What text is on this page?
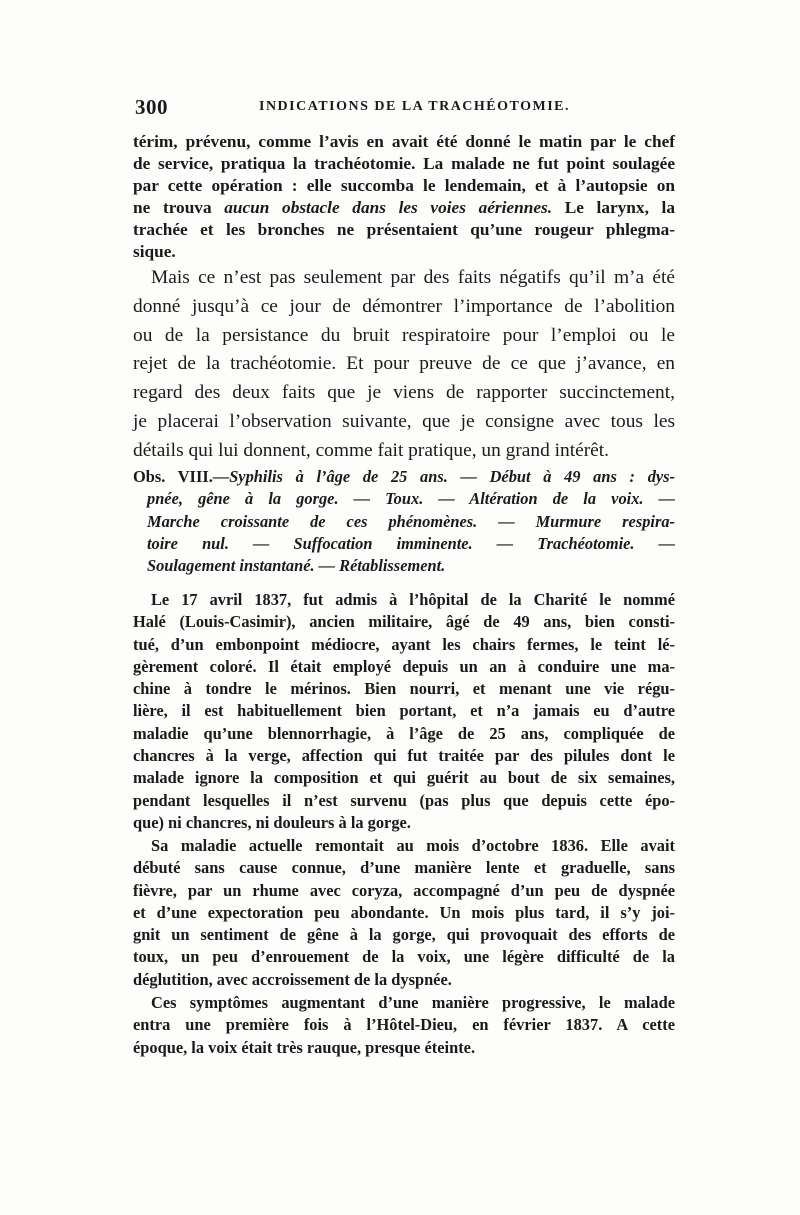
300	INDICATIONS DE LA TRACHÉOTOMIE.
térim, prévenu, comme l’avis en avait été donné le matin par le chef
de service, pratiqua la trachéotomie. La malade ne fut point soulagée
par cette opération : elle succomba le lendemain, et à l’autopsie on
ne trouva aucun obstacle dans les voies aériennes. Le larynx, la
trachée et les bronches ne présentaient qu’une rougeur phlegma-
sique.
Mais ce n’est pas seulement par des faits négatifs qu’il m’a été
donné jusqu’à ce jour de démontrer l’importance de l’abolition
ou de la persistance du bruit respiratoire pour l’emploi ou le
rejet de la trachéotomie. Et pour preuve de ce que j’avance, en
regard des deux faits que je viens de rapporter succinctement,
je placerai l’observation suivante, que je consigne avec tous les
détails qui lui donnent, comme fait pratique, un grand intérêt.
Obs. VIII.—Syphilis à l’âge de 25 ans. — Début à 49 ans : dys-
pnée, gêne à la gorge. — Toux. — Altération de la voix. —
Marche croissante de ces phénomènes. — Murmure respira-
toire nul. — Suffocation imminente. — Trachéotomie. —
Soulagement instantané. — Rétablissement.
Le 17 avril 1837, fut admis à l’hôpital de la Charité le nommé
Halé (Louis-Casimir), ancien militaire, âgé de 49 ans, bien consti-
tué, d’un embonpoint médiocre, ayant les chairs fermes, le teint lé-
gèrement coloré. Il était employé depuis un an à conduire une ma-
chine à tondre le mérinos. Bien nourri, et menant une vie régu-
lière, il est habituellement bien portant, et n’a jamais eu d’autre
maladie qu’une blennorrhagie, à l’âge de 25 ans, compliquée de
chancres à la verge, affection qui fut traitée par des pilules dont le
malade ignore la composition et qui guérit au bout de six semaines,
pendant lesquelles il n’est survenu (pas plus que depuis cette épo-
que) ni chancres, ni douleurs à la gorge.
Sa maladie actuelle remontait au mois d’octobre 1836. Elle avait
débuté sans cause connue, d’une manière lente et graduelle, sans
fièvre, par un rhume avec coryza, accompagné d’un peu de dyspnée
et d’une expectoration peu abondante. Un mois plus tard, il s’y joi-
gnit un sentiment de gêne à la gorge, qui provoquait des efforts de
toux, un peu d’enrouement de la voix, une légère difficulté de la
déglutition, avec accroissement de la dyspnée.
Ces symptômes augmentant d’une manière progressive, le malade
entra une première fois à l’Hôtel-Dieu, en février 1837. A cette
époque, la voix était très rauque, presque éteinte.
